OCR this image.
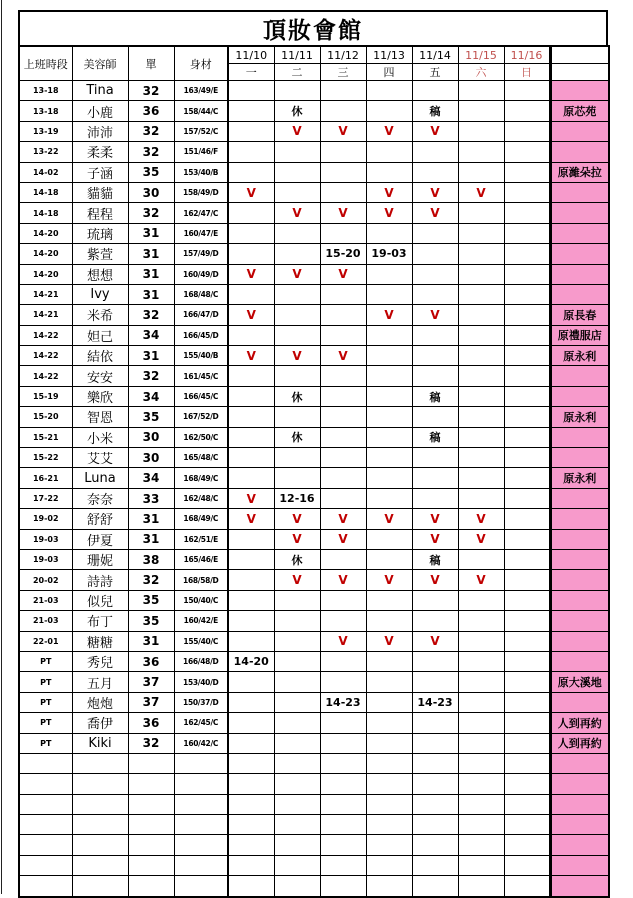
頂妝會館
上班時段	美容師	單	身材	11/10	11/11	11/12	11/13	11/14	11/15	11/16	
				一	二	三	四	五	六	日	
13-18	Tina	32	163/49/E								
13-18	小鹿	36	158/44/C		休			稿			原芯苑
13-19	沛沛	32	157/52/C		V	V	V	V			
13-22	柔柔	32	151/46/F								
14-02	子涵	35	153/40/B								原濰朵拉
14-18	貓貓	30	158/49/D	V			V	V	V		
14-18	程程	32	162/47/C		V	V	V	V			
14-20	琉璃	31	160/47/E								
14-20	紫萱	31	157/49/D			15-20	19-03				
14-20	想想	31	160/49/D	V	V	V					
14-21	Ivy	31	168/48/C								
14-21	米希	32	166/47/D	V			V	V			原長春
14-22	妲己	34	166/45/D								原禮服店
14-22	結依	31	155/40/B	V	V	V					原永利
14-22	安安	32	161/45/C								
15-19	樂欣	34	166/45/C		休			稿			
15-20	智恩	35	167/52/D								原永利
15-21	小米	30	162/50/C		休			稿			
15-22	艾艾	30	165/48/C								
16-21	Luna	34	168/49/C								原永利
17-22	奈奈	33	162/48/C	V	12-16						
19-02	舒舒	31	168/49/C	V	V	V	V	V	V		
19-03	伊夏	31	162/51/E		V	V		V	V		
19-03	珊妮	38	165/46/E		休			稿			
20-02	詩詩	32	168/58/D		V	V	V	V	V		
21-03	似兒	35	150/40/C								
21-03	布丁	35	160/42/E								
22-01	糖糖	31	155/40/C			V	V	V			
PT	秀兒	36	166/48/D	14-20							
PT	五月	37	153/40/D								原大溪地
PT	炮炮	37	150/37/D			14-23		14-23			
PT	喬伊	36	162/45/C								人到再約
PT	Kiki	32	160/42/C								人到再約
